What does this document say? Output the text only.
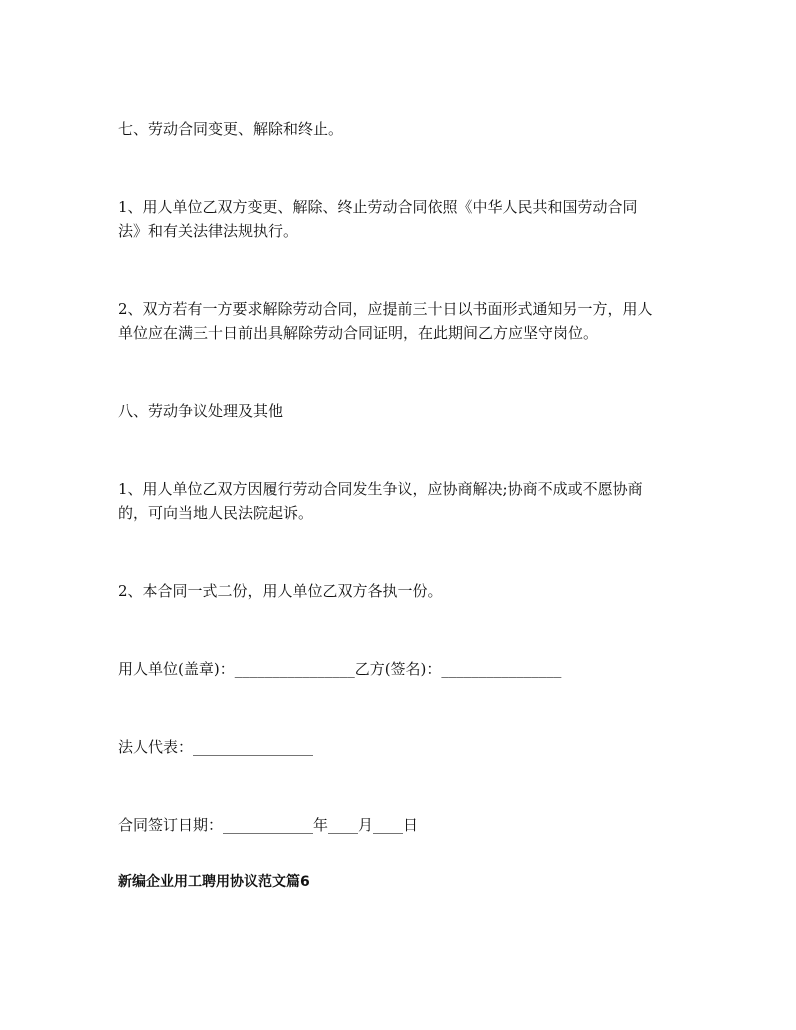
七、劳动合同变更、解除和终止。

1、用人单位乙双方变更、解除、终止劳动合同依照《中华人民共和国劳动合同

法》和有关法律法规执行。

2、双方若有一方要求解除劳动合同，应提前三十日以书面形式通知另一方，用人

单位应在满三十日前出具解除劳动合同证明，在此期间乙方应坚守岗位。

八、劳动争议处理及其他

1、用人单位乙双方因履行劳动合同发生争议，应协商解决;协商不成或不愿协商

的，可向当地人民法院起诉。

2、本合同一式二份，用人单位乙双方各执一份。

用人单位(盖章)：________________乙方(签名)：________________

法人代表：________________

合同签订日期：____________年____月____日

新编企业用工聘用协议范文篇6
